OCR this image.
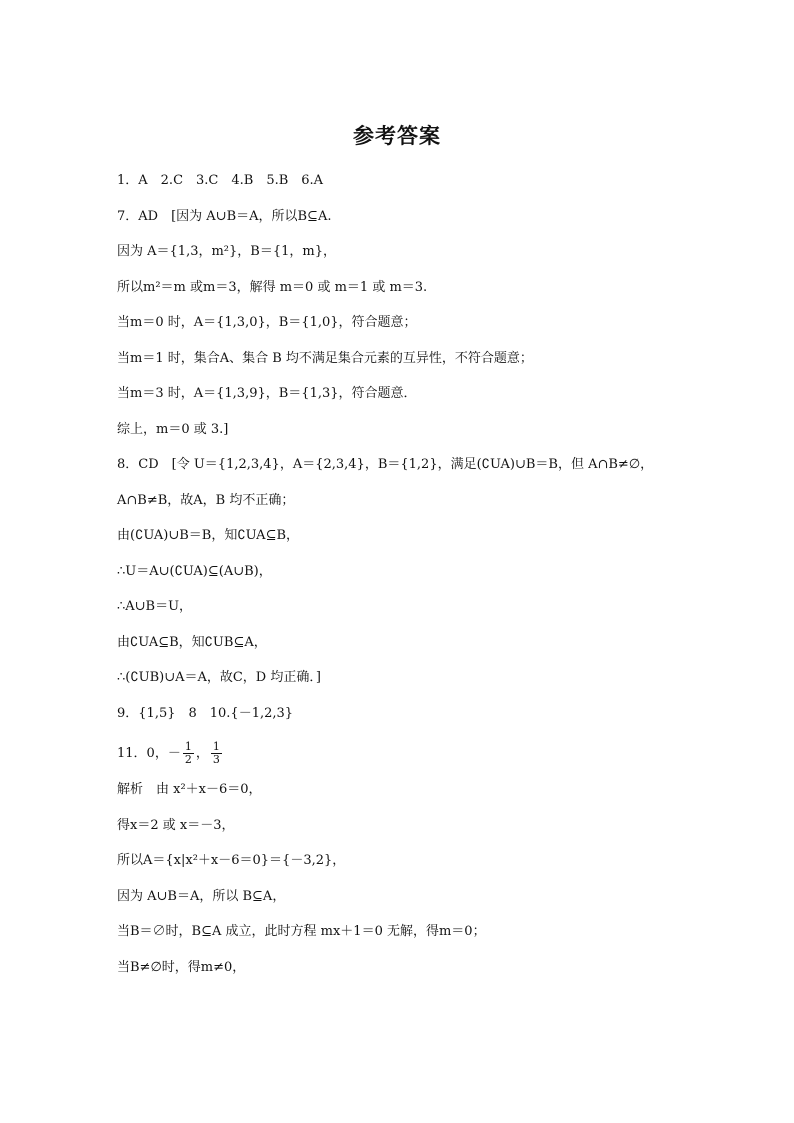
参考答案
1．A　2.C　3.C　4.B　5.B　6.A
7．AD　[因为 A∪B＝A，所以B⊆A.
因为 A＝{1,3，m²}，B＝{1，m}，
所以m²＝m 或m＝3，解得 m＝0 或 m＝1 或 m＝3.
当m＝0 时，A＝{1,3,0}，B＝{1,0}，符合题意；
当m＝1 时，集合A、集合 B 均不满足集合元素的互异性，不符合题意；
当m＝3 时，A＝{1,3,9}，B＝{1,3}，符合题意．
综上，m＝0 或 3.]
8．CD　[令 U＝{1,2,3,4}，A＝{2,3,4}，B＝{1,2}，满足(∁UA)∪B＝B，但 A∩B≠∅，
A∩B≠B，故A，B 均不正确；
由(∁UA)∪B＝B，知∁UA⊆B，
∴U＝A∪(∁UA)⊆(A∪B)，
∴A∪B＝U，
由∁UA⊆B，知∁UB⊆A，
∴(∁UB)∪A＝A，故C，D 均正确．]
9．{1,5}　8　10.{－1,2,3}
11．0，－ $\frac{1}{2}$ ， $\frac{1}{3}$
解析　由 x²＋x－6＝0，
得x＝2 或 x＝－3，
所以A＝{x|x²＋x－6＝0}＝{－3,2}，
因为 A∪B＝A，所以 B⊆A，
当B＝∅时，B⊆A 成立，此时方程 mx＋1＝0 无解，得m＝0；
当B≠∅时，得m≠0，
